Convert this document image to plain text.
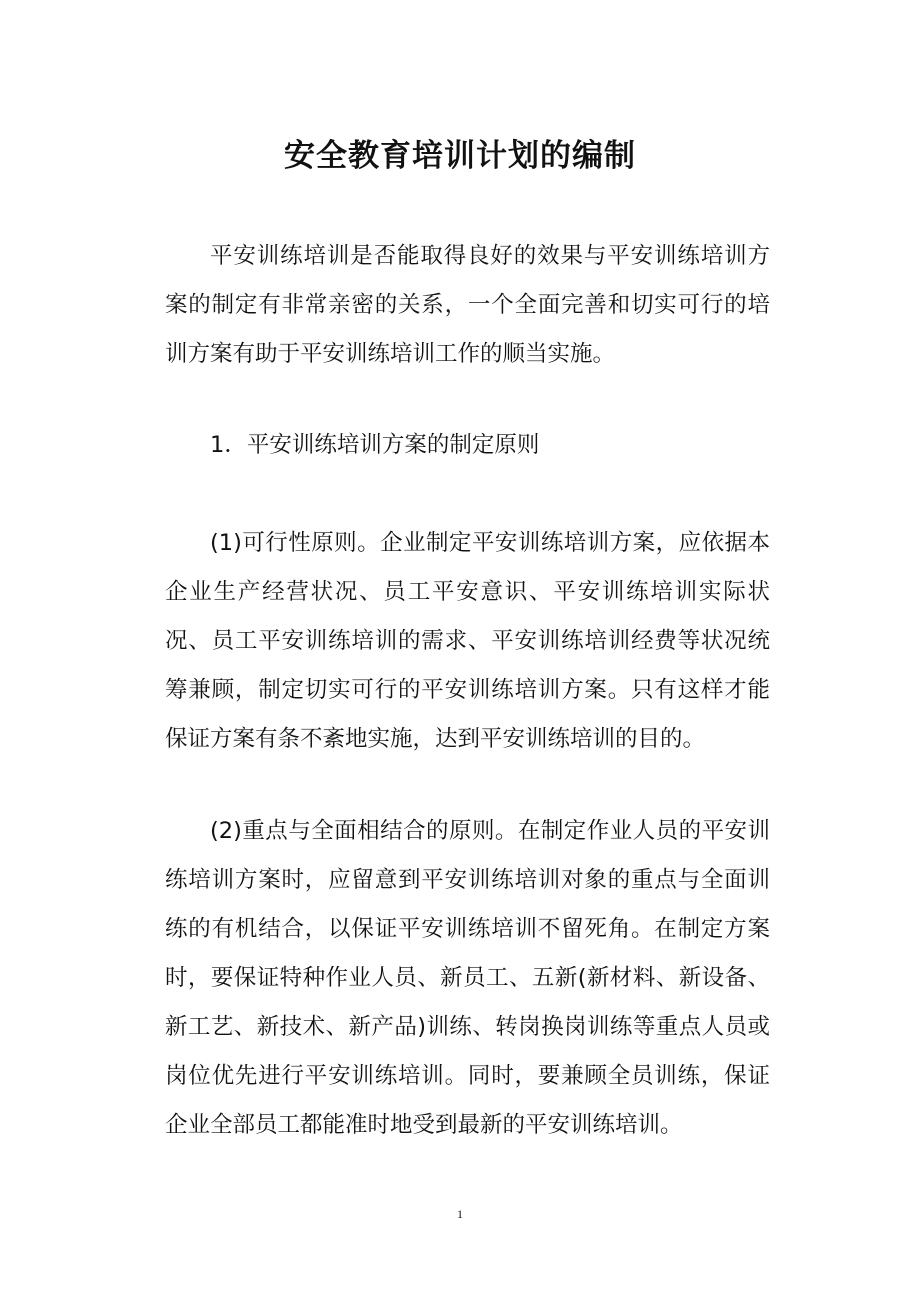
安全教育培训计划的编制

平安训练培训是否能取得良好的效果与平安训练培训方案的制定有非常亲密的关系，一个全面完善和切实可行的培训方案有助于平安训练培训工作的顺当实施。

1．平安训练培训方案的制定原则

(1)可行性原则。企业制定平安训练培训方案，应依据本企业生产经营状况、员工平安意识、平安训练培训实际状况、员工平安训练培训的需求、平安训练培训经费等状况统筹兼顾，制定切实可行的平安训练培训方案。只有这样才能保证方案有条不紊地实施，达到平安训练培训的目的。

(2)重点与全面相结合的原则。在制定作业人员的平安训练培训方案时，应留意到平安训练培训对象的重点与全面训练的有机结合，以保证平安训练培训不留死角。在制定方案时，要保证特种作业人员、新员工、五新(新材料、新设备、新工艺、新技术、新产品)训练、转岗换岗训练等重点人员或岗位优先进行平安训练培训。同时，要兼顾全员训练，保证企业全部员工都能准时地受到最新的平安训练培训。

1
